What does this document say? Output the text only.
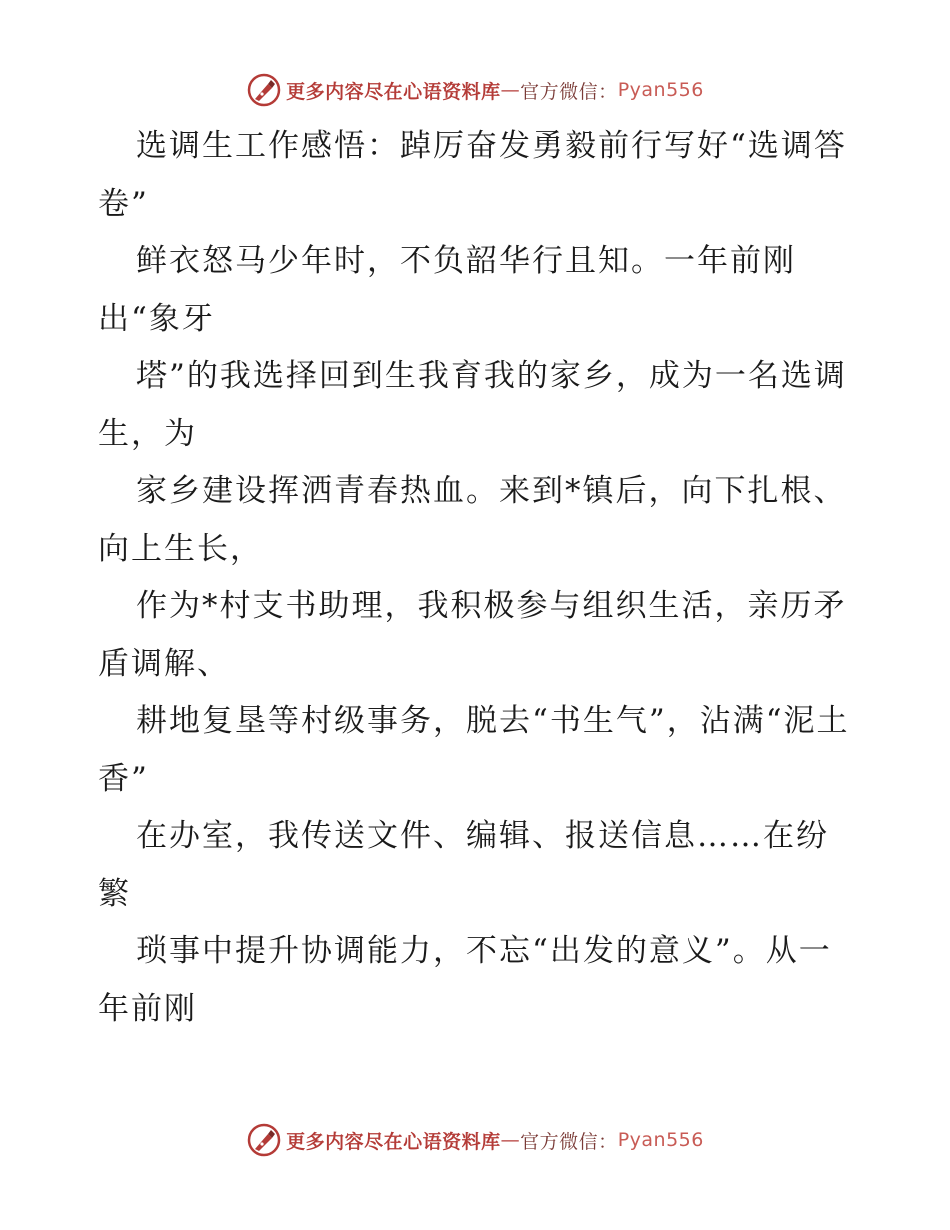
更多内容尽在心语资料库 — 官方微信： Pyan556

选调生工作感悟：踔厉奋发勇毅前行写好“选调答卷”

鲜衣怒马少年时，不负韶华行且知。一年前刚出“象牙

塔”的我选择回到生我育我的家乡，成为一名选调生，为

家乡建设挥洒青春热血。来到*镇后，向下扎根、向上生长，

作为*村支书助理，我积极参与组织生活，亲历矛盾调解、

耕地复垦等村级事务，脱去“书生气”，沾满“泥土香”

在办室，我传送文件、编辑、报送信息……在纷繁

琐事中提升协调能力，不忘“出发的意义”。从一年前刚

更多内容尽在心语资料库 — 官方微信： Pyan556
